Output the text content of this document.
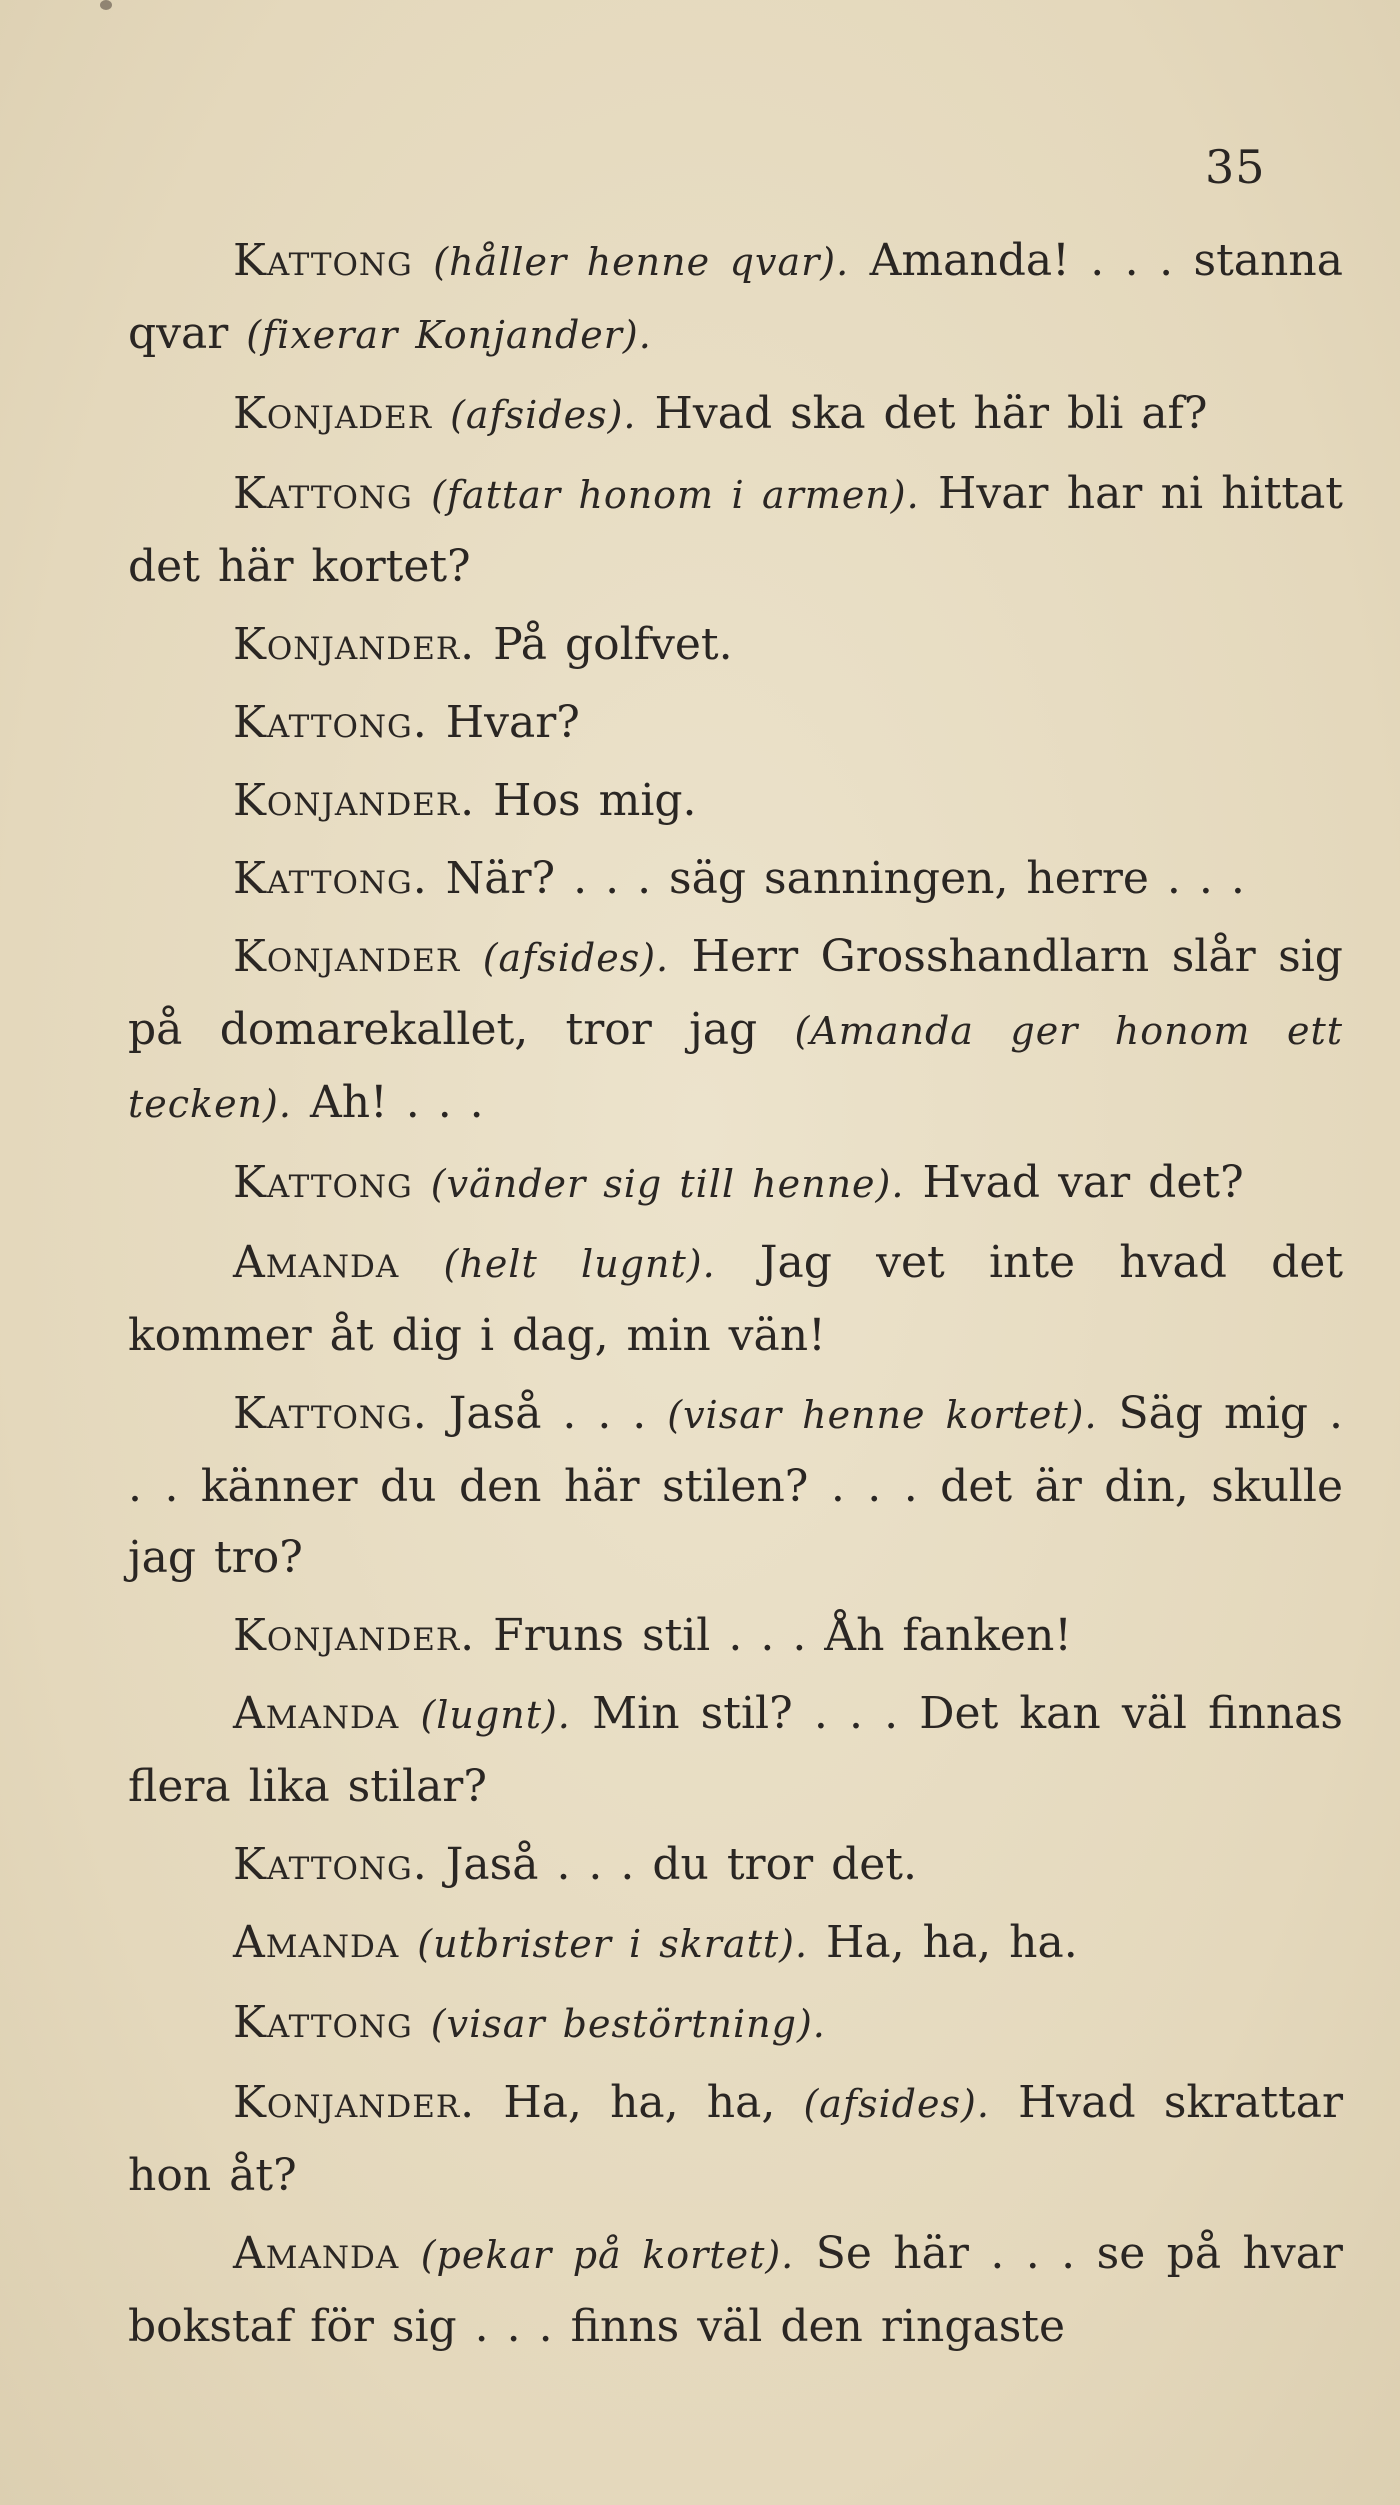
35

Kattong (håller henne qvar). Amanda! . . . stanna qvar (fixerar Konjander).

Konjader (afsides). Hvad ska det här bli af?

Kattong (fattar honom i armen). Hvar har ni hittat det här kortet?

Konjander. På golfvet.

Kattong. Hvar?

Konjander. Hos mig.

Kattong. När? . . . säg sanningen, herre . . .

Konjander (afsides). Herr Grosshandlarn slår sig på domarekallet, tror jag (Amanda ger honom ett tecken). Ah! . . .

Kattong (vänder sig till henne). Hvad var det?

Amanda (helt lugnt). Jag vet inte hvad det kommer åt dig i dag, min vän!

Kattong. Jaså . . . (visar henne kortet). Säg mig . . . känner du den här stilen? . . . det är din, skulle jag tro?

Konjander. Fruns stil . . . Åh fanken!

Amanda (lugnt). Min stil? . . . Det kan väl finnas flera lika stilar?

Kattong. Jaså . . . du tror det.

Amanda (utbrister i skratt). Ha, ha, ha.

Kattong (visar bestörtning).

Konjander. Ha, ha, ha, (afsides). Hvad skrattar hon åt?

Amanda (pekar på kortet). Se här . . . se på hvar bokstaf för sig . . . finns väl den ringaste
